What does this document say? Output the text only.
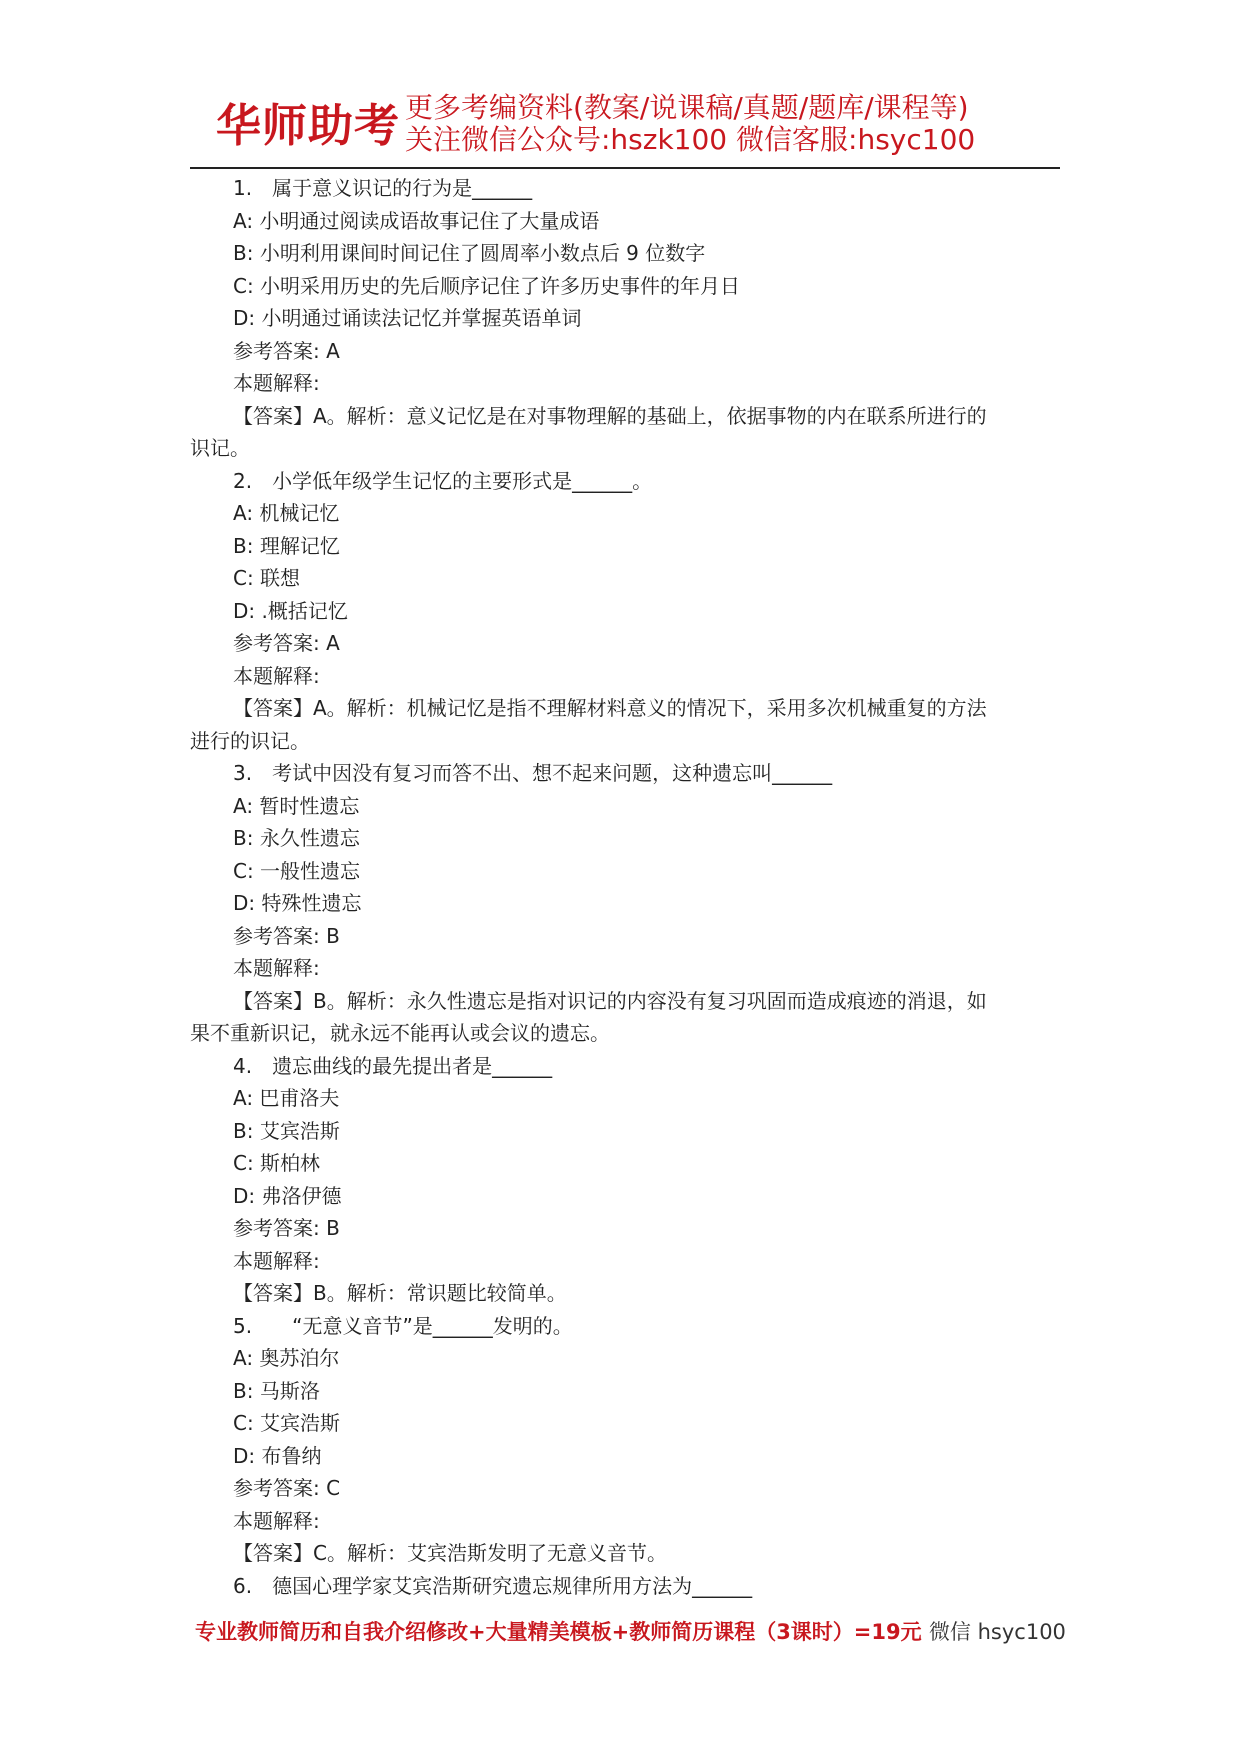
华师助考 更多考编资料(教案/说课稿/真题/题库/课程等)
关注微信公众号:hszk100 微信客服:hsyc100
1.　属于意义识记的行为是______
A: 小明通过阅读成语故事记住了大量成语
B: 小明利用课间时间记住了圆周率小数点后 9 位数字
C: 小明采用历史的先后顺序记住了许多历史事件的年月日
D: 小明通过诵读法记忆并掌握英语单词
参考答案: A
本题解释:
【答案】A。解析：意义记忆是在对事物理解的基础上，依据事物的内在联系所进行的
识记。
2.　小学低年级学生记忆的主要形式是______。
A: 机械记忆
B: 理解记忆
C: 联想
D: .概括记忆
参考答案: A
本题解释:
【答案】A。解析：机械记忆是指不理解材料意义的情况下，采用多次机械重复的方法
进行的识记。
3.　考试中因没有复习而答不出、想不起来问题，这种遗忘叫______
A: 暂时性遗忘
B: 永久性遗忘
C: 一般性遗忘
D: 特殊性遗忘
参考答案: B
本题解释:
【答案】B。解析：永久性遗忘是指对识记的内容没有复习巩固而造成痕迹的消退，如
果不重新识记，就永远不能再认或会议的遗忘。
4.　遗忘曲线的最先提出者是______
A: 巴甫洛夫
B: 艾宾浩斯
C: 斯柏林
D: 弗洛伊德
参考答案: B
本题解释:
【答案】B。解析：常识题比较简单。
5.　　“无意义音节”是______发明的。
A: 奥苏泊尔
B: 马斯洛
C: 艾宾浩斯
D: 布鲁纳
参考答案: C
本题解释:
【答案】C。解析：艾宾浩斯发明了无意义音节。
6.　德国心理学家艾宾浩斯研究遗忘规律所用方法为______
专业教师简历和自我介绍修改+大量精美模板+教师简历课程（3课时）=19元 微信 hsyc100
